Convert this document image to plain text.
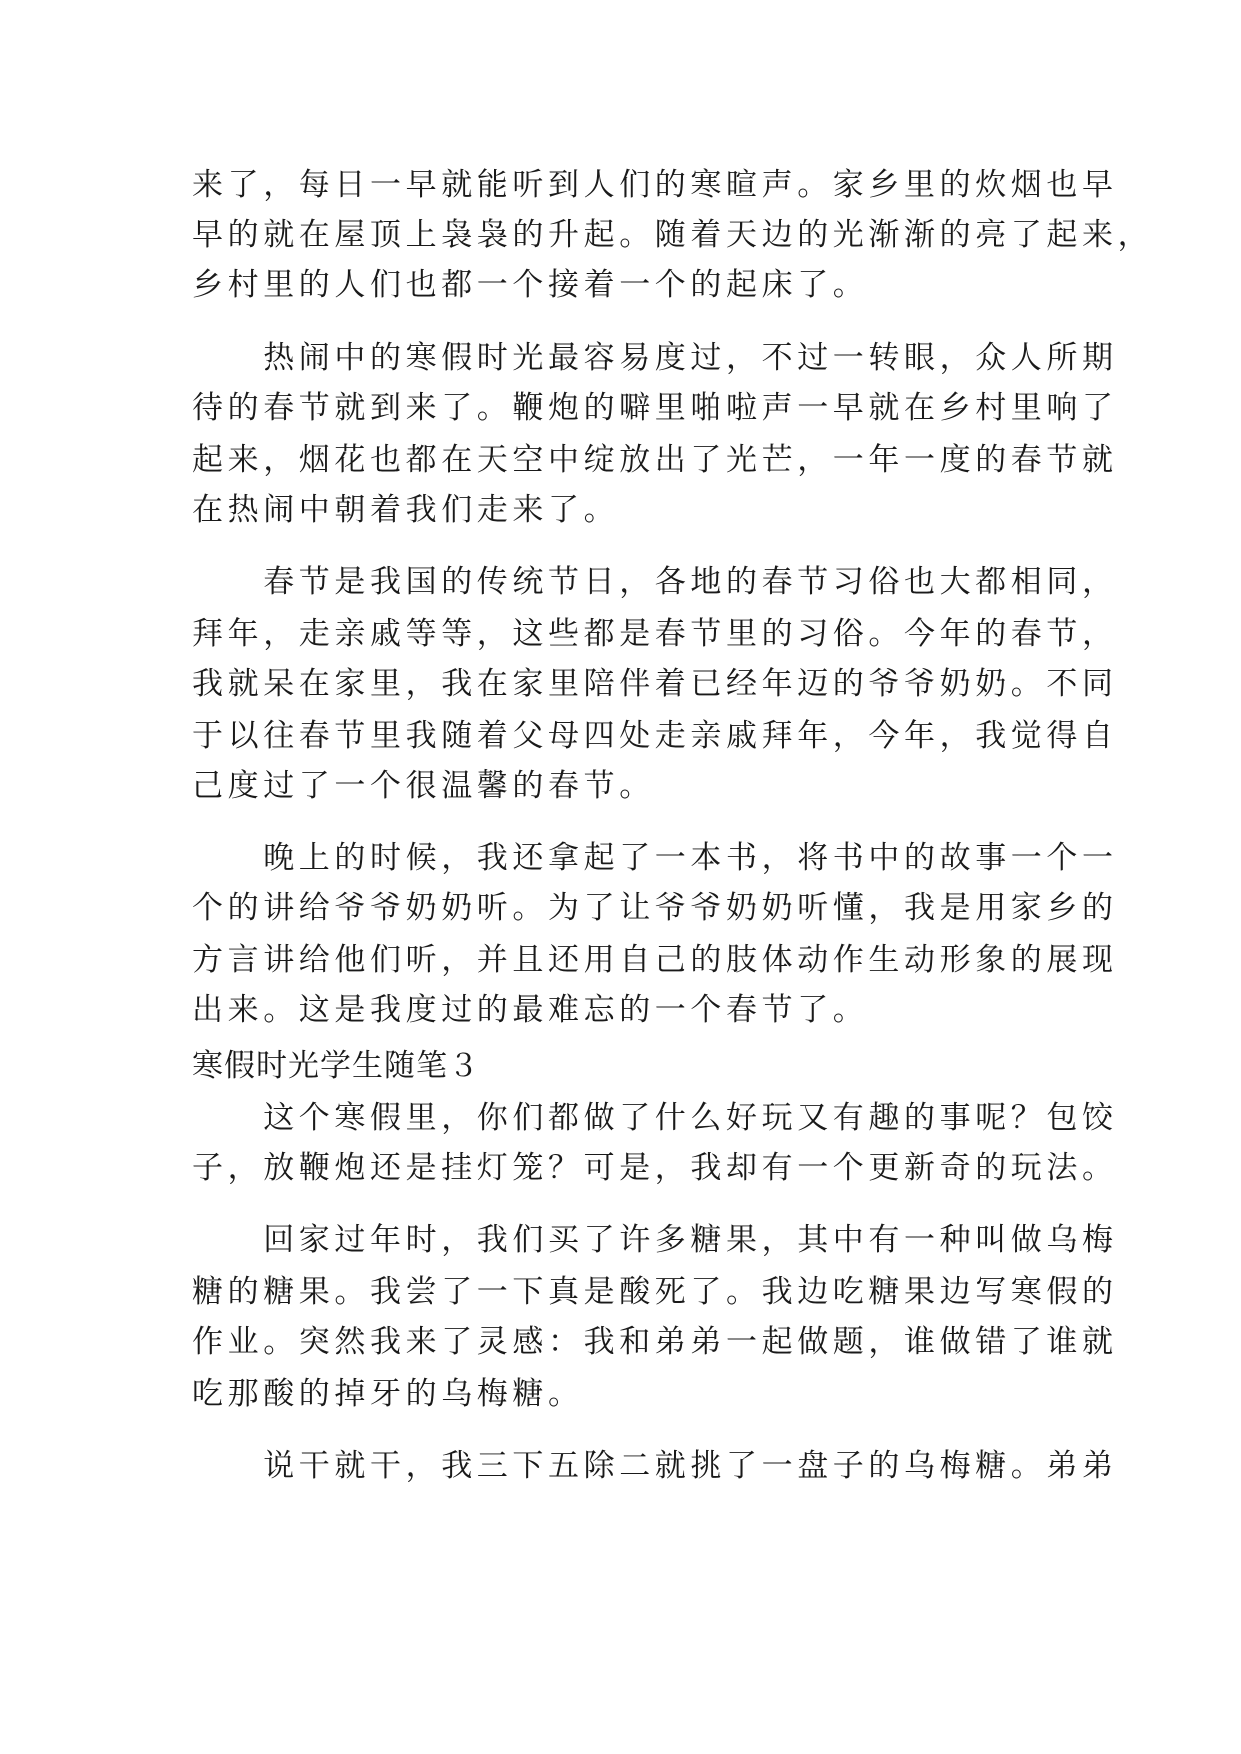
来了，每日一早就能听到人们的寒暄声。家乡里的炊烟也早
早的就在屋顶上袅袅的升起。随着天边的光渐渐的亮了起来，
乡村里的人们也都一个接着一个的起床了。
　　热闹中的寒假时光最容易度过，不过一转眼，众人所期
待的春节就到来了。鞭炮的噼里啪啦声一早就在乡村里响了
起来，烟花也都在天空中绽放出了光芒，一年一度的春节就
在热闹中朝着我们走来了。
　　春节是我国的传统节日，各地的春节习俗也大都相同，
拜年，走亲戚等等，这些都是春节里的习俗。今年的春节，
我就呆在家里，我在家里陪伴着已经年迈的爷爷奶奶。不同
于以往春节里我随着父母四处走亲戚拜年，今年，我觉得自
己度过了一个很温馨的春节。
　　晚上的时候，我还拿起了一本书，将书中的故事一个一
个的讲给爷爷奶奶听。为了让爷爷奶奶听懂，我是用家乡的
方言讲给他们听，并且还用自己的肢体动作生动形象的展现
出来。这是我度过的最难忘的一个春节了。
寒假时光学生随笔３
　　这个寒假里，你们都做了什么好玩又有趣的事呢？包饺
子，放鞭炮还是挂灯笼？可是，我却有一个更新奇的玩法。
　　回家过年时，我们买了许多糖果，其中有一种叫做乌梅
糖的糖果。我尝了一下真是酸死了。我边吃糖果边写寒假的
作业。突然我来了灵感：我和弟弟一起做题，谁做错了谁就
吃那酸的掉牙的乌梅糖。
　　说干就干，我三下五除二就挑了一盘子的乌梅糖。弟弟
